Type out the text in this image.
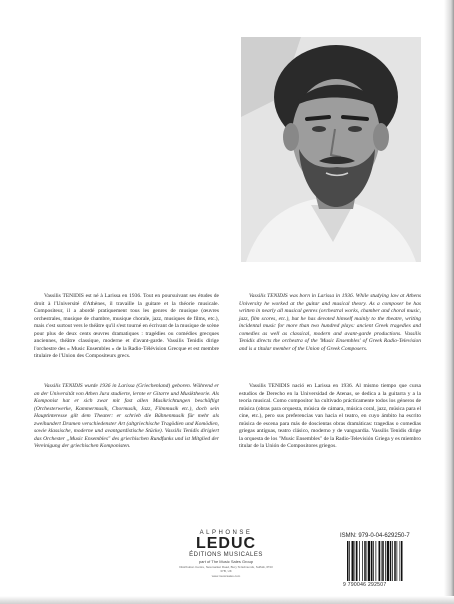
Vassilis TENIDIS est né à Larissa en 1936. Tout en poursuivant ses études de droit à l'Université d'Athènes, il travaille la guitare et la théorie musicale. Compositeur, il a abordé pratiquement tous les genres de musique (œuvres orchestrales, musique de chambre, musique chorale, jazz, musiques de films, etc.), mais c'est surtout vers le théâtre qu'il s'est tourné en écrivant de la musique de scène pour plus de deux cents œuvres dramatiques : tragédies ou comédies grecques anciennes, théâtre classique, moderne et d'avant-garde. Vassilis Tenidis dirige l'orchestre des « Music Ensembles » de la Radio-Télévision Grecque et est membre titulaire de l'Union des Compositeurs grecs.

Vassilis TENIDIS was born in Larissa in 1936. While studying law at Athens University he worked at the guitar and musical theory. As a composer he has written in nearly all musical genres (orchestral works, chamber and choral music, jazz, film scores, etc.), but he has devoted himself mainly to the theatre, writing incidental music for more than two hundred plays: ancient Greek tragedies and comedies as well as classical, modern and avant-garde productions. Vassilis Tenidis directs the orchestra of the 'Music Ensembles' of Greek Radio-Television and is a titular member of the Union of Greek Composers.

Vassilis TENIDIS wurde 1936 in Larissa (Griechenland) geboren. Während er an der Universität von Athen Jura studierte, lernte er Gitarre und Musiktheorie. Als Komponist hat er sich zwar mit fast allen Musikrichtungen beschäftigt (Orchesterwerke, Kammermusik, Chormusik, Jazz, Filmmusik etc.), doch sein Hauptinteresse gilt dem Theater: er schrieb die Bühnenmusik für mehr als zweihundert Dramen verschiedenster Art (altgriechische Tragödien und Komödien, sowie klassische, moderne und avantgardistische Stücke). Vassilis Tenidis dirigiert das Orchester „Music Ensembles" des griechischen Rundfunks und ist Mitglied der Vereinigung der griechischen Komponisten.

Vassilis TENIDIS nació en Larissa en 1936. Al mismo tiempo que cursa estudios de Derecho en la Universidad de Atenas, se dedica a la guitarra y a la teoría musical. Como compositor ha cultivado prácticamente todos los géneros de música (obras para orquesta, música de cámara, música coral, jazz, música para el cine, etc.), pero sus preferencias van hacia el teatro, en cuyo ámbito ha escrito música de escena para más de doscientas obras dramáticas: tragedias o comedias griegas antiguas, teatro clásico, moderno y de vanguardia. Vassilis Tenidis dirige la orquesta de los "Music Ensembles" de la Radio-Televisión Griega y es miembro titular de la Unión de Compositores griegos.

ALPHONSE
LEDUC
ÉDITIONS MUSICALES
part of The Music Sales Group
Distribution Centre, Newmarket Road, Bury St Edmunds, Suffolk, IP33 3YB, UK
www.musicsales.com
ISMN: 979-0-04-629250-7
9 790046 292507
